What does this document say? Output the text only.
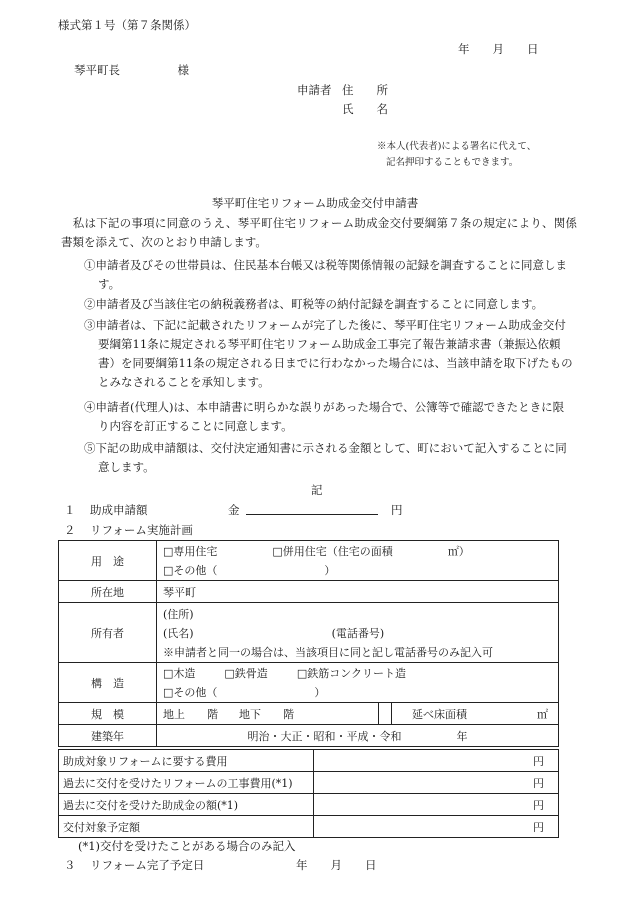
様式第１号（第７条関係）
年　　月　　日
琴平町長　　　　　様
申請者 住　　所
氏　　名
※本人(代表者)による署名に代えて、
記名押印することもできます。
琴平町住宅リフォーム助成金交付申請書
　私は下記の事項に同意のうえ、琴平町住宅リフォーム助成金交付要綱第７条の規定により、関係書類を添えて、次のとおり申請します。
①申請者及びその世帯員は、住民基本台帳又は税等関係情報の記録を調査することに同意します。
②申請者及び当該住宅の納税義務者は、町税等の納付記録を調査することに同意します。
③申請者は、下記に記載されたリフォームが完了した後に、琴平町住宅リフォーム助成金交付要綱第11条に規定される琴平町住宅リフォーム助成金工事完了報告兼請求書（兼振込依頼書）を同要綱第11条の規定される日までに行わなかった場合には、当該申請を取下げたものとみなされることを承知します。
④申請者(代理人)は、本申請書に明らかな誤りがあった場合で、公簿等で確認できたときに限り内容を訂正することに同意します。
⑤下記の助成申請額は、交付決定通知書に示される金額として、町において記入することに同意します。
記
１ 助成申請額	金	円
２ リフォーム実施計画
用　途	□専用住宅 □併用住宅（住宅の面積 ㎡）	
	□その他（ ）	
所在地	琴平町	
所有者	(住所)
(氏名) (電話番号)
※申請者と同一の場合は、当該項目に同と記し電話番号のみ記入可	

構　造	□木造 □鉄骨造 □鉄筋コンクリート造	
	□その他（ ）	
規　模	地上　　階 地下　　階	延べ床面積 ㎡

建築年	明治・大正・昭和・平成・令和　　　　　年	
助成対象リフォームに要する費用	円
過去に交付を受けたリフォームの工事費用(*1)	円
過去に交付を受けた助成金の額(*1)	円
交付対象予定額	円
(*1)交付を受けたことがある場合のみ記入
３ リフォーム完了予定日	年　　月　　日
